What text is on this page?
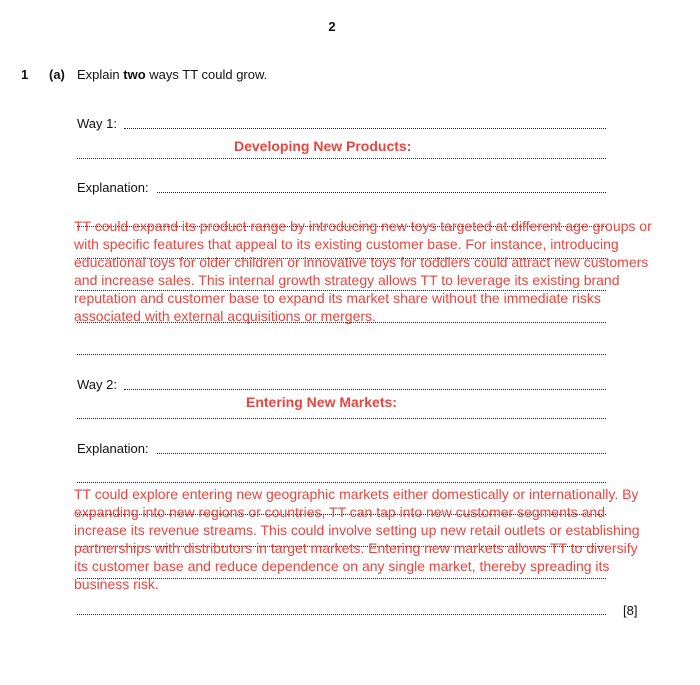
2
1 (a) Explain two ways TT could grow.
Way 1:
Developing New Products:
Explanation:
TT could expand its product range by introducing new toys targeted at different age groups or
with specific features that appeal to its existing customer base. For instance, introducing
educational toys for older children or innovative toys for toddlers could attract new customers
and increase sales. This internal growth strategy allows TT to leverage its existing brand
reputation and customer base to expand its market share without the immediate risks
associated with external acquisitions or mergers.
Way 2:
Entering New Markets:
Explanation:
TT could explore entering new geographic markets either domestically or internationally. By
expanding into new regions or countries, TT can tap into new customer segments and
increase its revenue streams. This could involve setting up new retail outlets or establishing
partnerships with distributors in target markets. Entering new markets allows TT to diversify
its customer base and reduce dependence on any single market, thereby spreading its
business risk.
[8]
